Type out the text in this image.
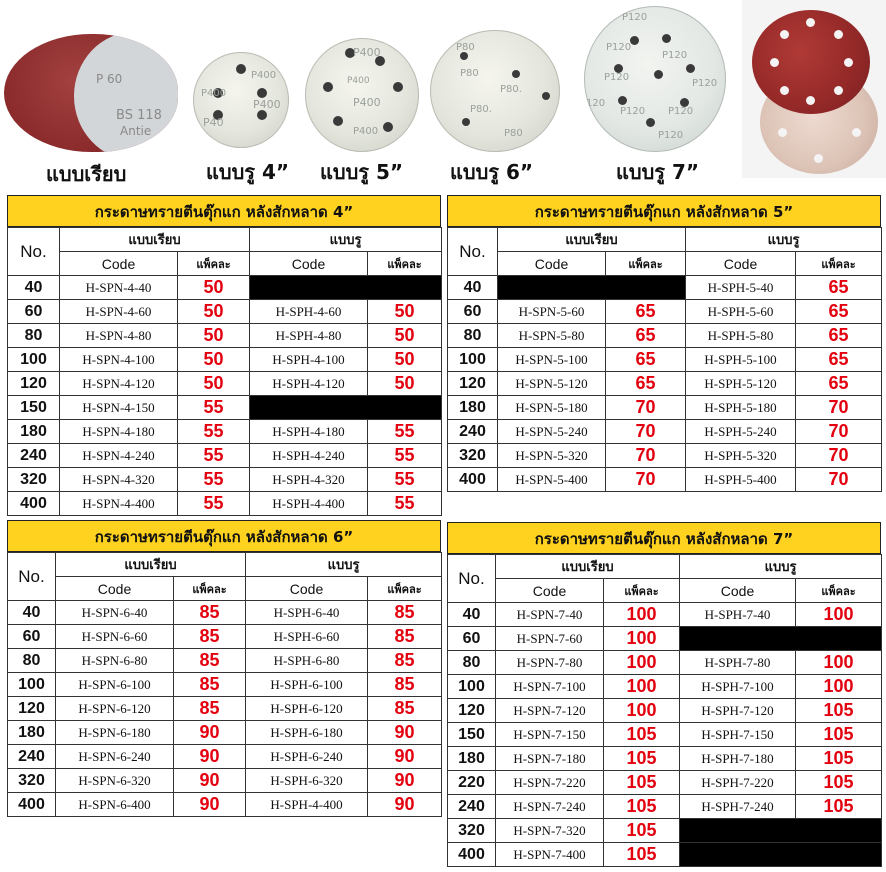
P 60
BS 118
Antie
P400
P400
P40
P400
P400
P400
P400
P400
P80
P80
P80.
P80.
P80
P120
P120
P120
P120
P120
P120 P120
P120
120
แบบเรียบ	แบบรู 4” แบบรู 5” แบบรู 6”	แบบรู 7”
กระดาษทรายตีนตุ๊กแก หลังสักหลาด 4”
No.	แบบเรียบ		แบบรู	
	Code	แพ็คละ	Code	แพ็คละ
40	H-SPN-4-40	50		
60	H-SPN-4-60	50	H-SPH-4-60	50
80	H-SPN-4-80	50	H-SPH-4-80	50
100	H-SPN-4-100	50	H-SPH-4-100	50
120	H-SPN-4-120	50	H-SPH-4-120	50
150	H-SPN-4-150	55		
180	H-SPN-4-180	55	H-SPH-4-180	55
240	H-SPN-4-240	55	H-SPH-4-240	55
320	H-SPN-4-320	55	H-SPH-4-320	55
400	H-SPN-4-400	55	H-SPH-4-400	55
กระดาษทรายตีนตุ๊กแก หลังสักหลาด 5”
No.	แบบเรียบ		แบบรู	
	Code	แพ็คละ	Code	แพ็คละ
40			H-SPH-5-40	65
60	H-SPN-5-60	65	H-SPH-5-60	65
80	H-SPN-5-80	65	H-SPH-5-80	65
100	H-SPN-5-100	65	H-SPH-5-100	65
120	H-SPN-5-120	65	H-SPH-5-120	65
180	H-SPN-5-180	70	H-SPH-5-180	70
240	H-SPN-5-240	70	H-SPH-5-240	70
320	H-SPN-5-320	70	H-SPH-5-320	70
400	H-SPN-5-400	70	H-SPH-5-400	70
กระดาษทรายตีนตุ๊กแก หลังสักหลาด 6”
No.	แบบเรียบ		แบบรู	
	Code	แพ็คละ	Code	แพ็คละ
40	H-SPN-6-40	85	H-SPH-6-40	85
60	H-SPN-6-60	85	H-SPH-6-60	85
80	H-SPN-6-80	85	H-SPH-6-80	85
100	H-SPN-6-100	85	H-SPH-6-100	85
120	H-SPN-6-120	85	H-SPH-6-120	85
180	H-SPN-6-180	90	H-SPH-6-180	90
240	H-SPN-6-240	90	H-SPH-6-240	90
320	H-SPN-6-320	90	H-SPH-6-320	90
400	H-SPN-6-400	90	H-SPH-4-400	90
กระดาษทรายตีนตุ๊กแก หลังสักหลาด 7”
No.	แบบเรียบ		แบบรู	
	Code	แพ็คละ	Code	แพ็คละ
40	H-SPN-7-40	100	H-SPH-7-40	100
60	H-SPN-7-60	100		
80	H-SPN-7-80	100	H-SPH-7-80	100
100	H-SPN-7-100	100	H-SPH-7-100	100
120	H-SPN-7-120	100	H-SPH-7-120	105
150	H-SPN-7-150	105	H-SPH-7-150	105
180	H-SPN-7-180	105	H-SPH-7-180	105
220	H-SPN-7-220	105	H-SPH-7-220	105
240	H-SPN-7-240	105	H-SPH-7-240	105
320	H-SPN-7-320	105		
400	H-SPN-7-400	105		
